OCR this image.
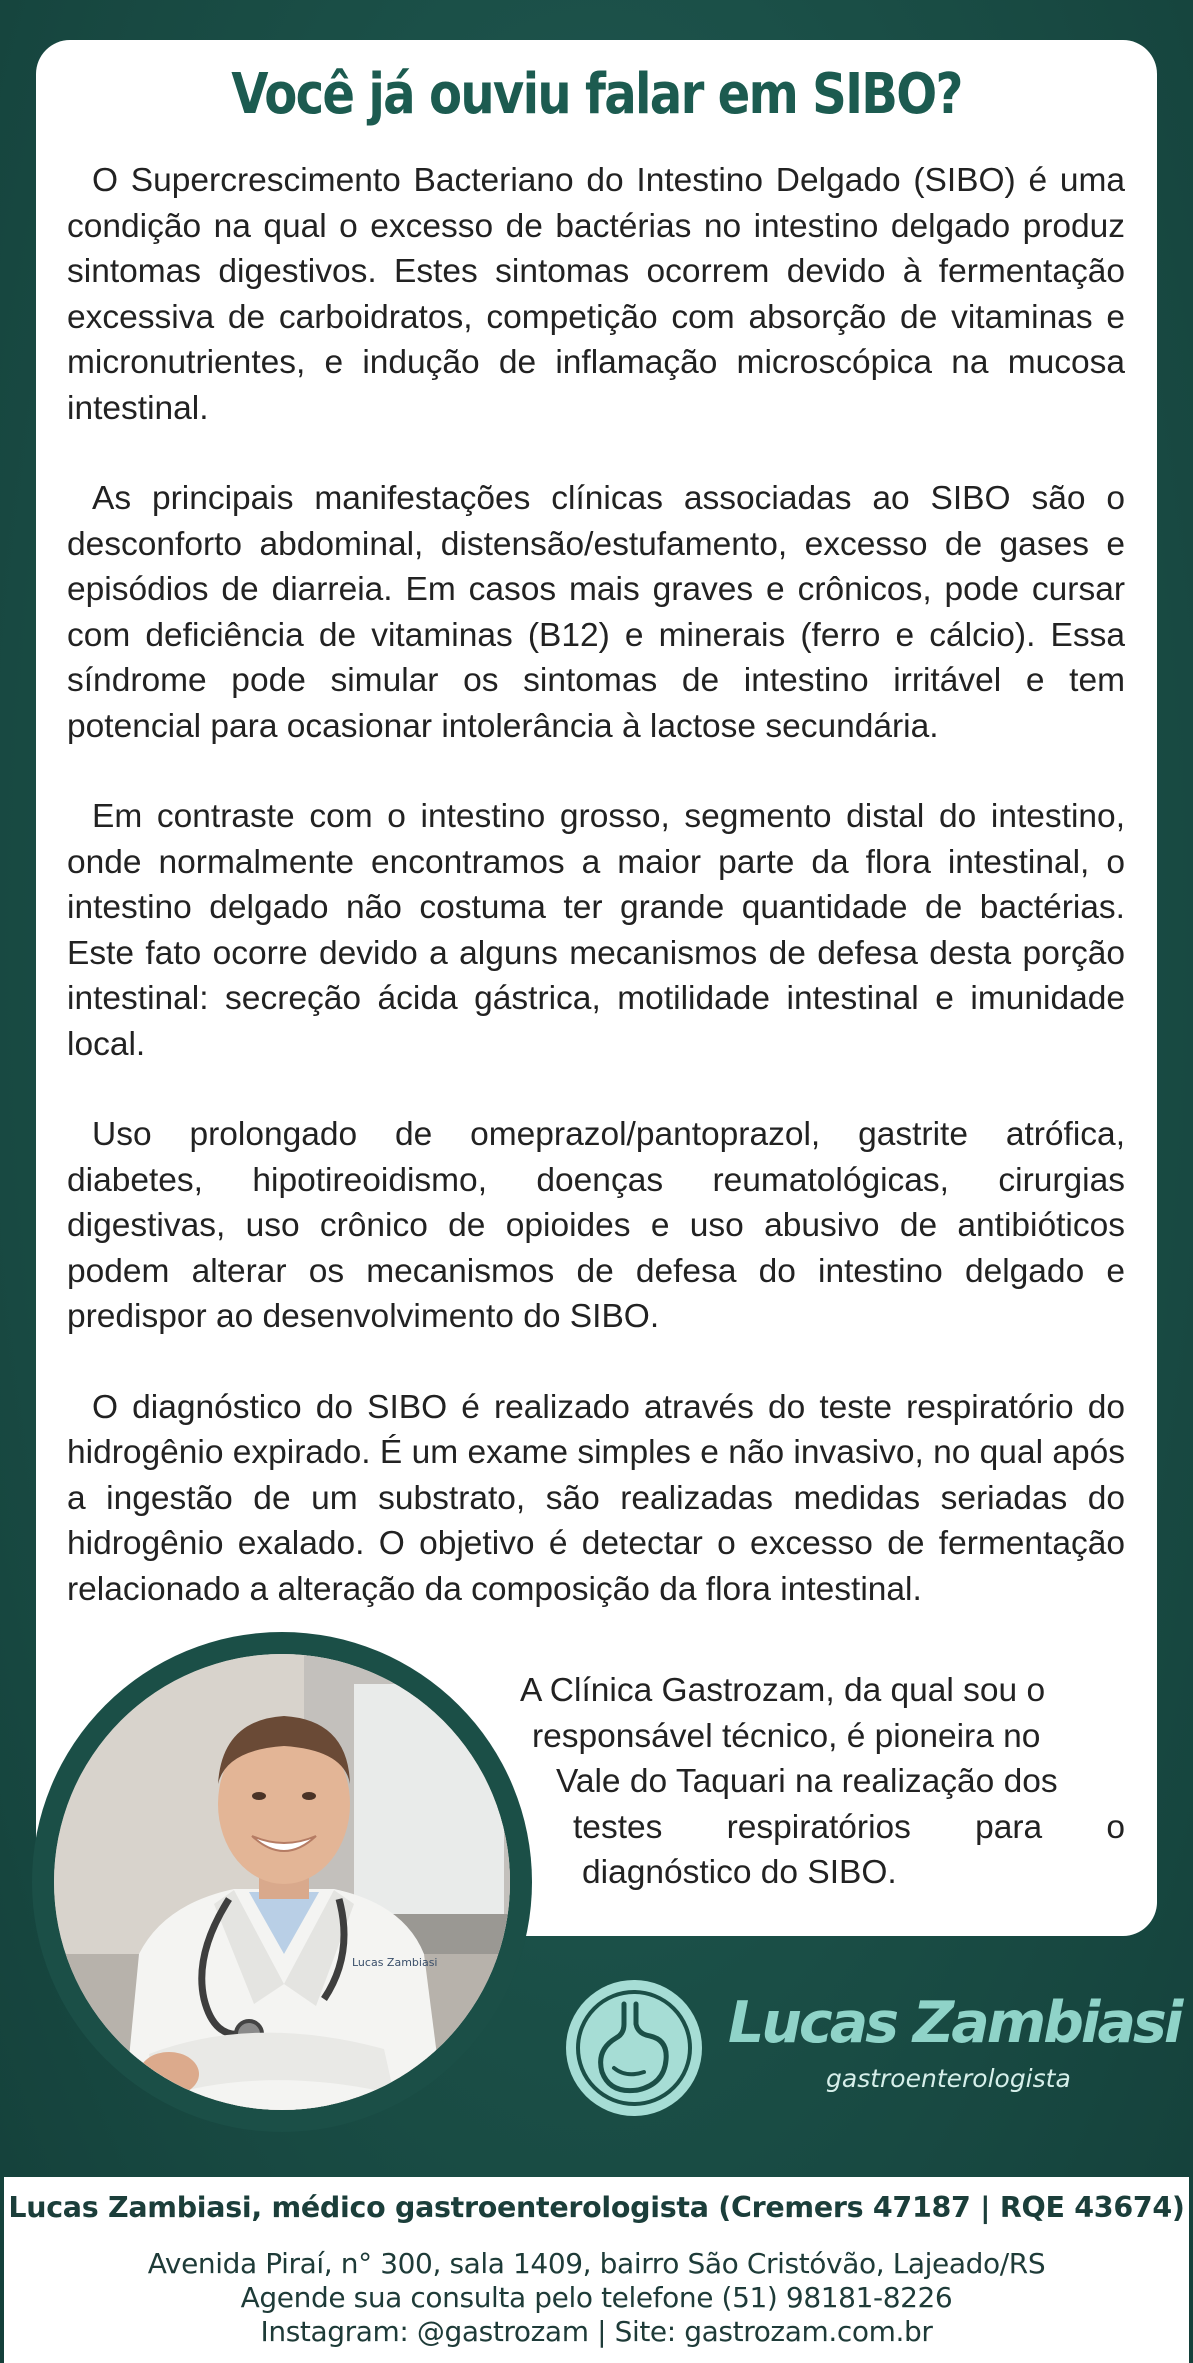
Você já ouviu falar em SIBO?

O Supercrescimento Bacteriano do Intestino Delgado (SIBO) é uma condição na qual o excesso de bactérias no intestino delgado produz sintomas digestivos. Estes sintomas ocorrem devido à fermentação excessiva de carboidratos, competição com absorção de vitaminas e micronutrientes, e indução de inflamação microscópica na mucosa intestinal.

As principais manifestações clínicas associadas ao SIBO são o desconforto abdominal, distensão/estufamento, excesso de gases e episódios de diarreia. Em casos mais graves e crônicos, pode cursar com deficiência de vitaminas (B12) e minerais (ferro e cálcio). Essa síndrome pode simular os sintomas de intestino irritável e tem potencial para ocasionar intolerância à lactose secundária.

Em contraste com o intestino grosso, segmento distal do intestino, onde normalmente encontramos a maior parte da flora intestinal, o intestino delgado não costuma ter grande quantidade de bactérias. Este fato ocorre devido a alguns mecanismos de defesa desta porção intestinal: secreção ácida gástrica, motilidade intestinal e imunidade local.

Uso prolongado de omeprazol/pantoprazol, gastrite atrófica, diabetes, hipotireoidismo, doenças reumatológicas, cirurgias digestivas, uso crônico de opioides e uso abusivo de antibióticos podem alterar os mecanismos de defesa do intestino delgado e predispor ao desenvolvimento do SIBO.

O diagnóstico do SIBO é realizado através do teste respiratório do hidrogênio expirado. É um exame simples e não invasivo, no qual após a ingestão de um substrato, são realizadas medidas seriadas do hidrogênio exalado. O objetivo é detectar o excesso de fermentação relacionado a alteração da composição da flora intestinal.

Lucas Zambiasi

A Clínica Gastrozam, da qual sou o
responsável técnico, é pioneira no
Vale do Taquari na realização dos
testes respiratórios para o
diagnóstico do SIBO.

Lucas Zambiasi
gastroenterologista

Lucas Zambiasi, médico gastroenterologista (Cremers 47187 | RQE 43674)

Avenida Piraí, n° 300, sala 1409, bairro São Cristóvão, Lajeado/RS

Agende sua consulta pelo telefone (51) 98181-8226

Instagram: @gastrozam | Site: gastrozam.com.br
